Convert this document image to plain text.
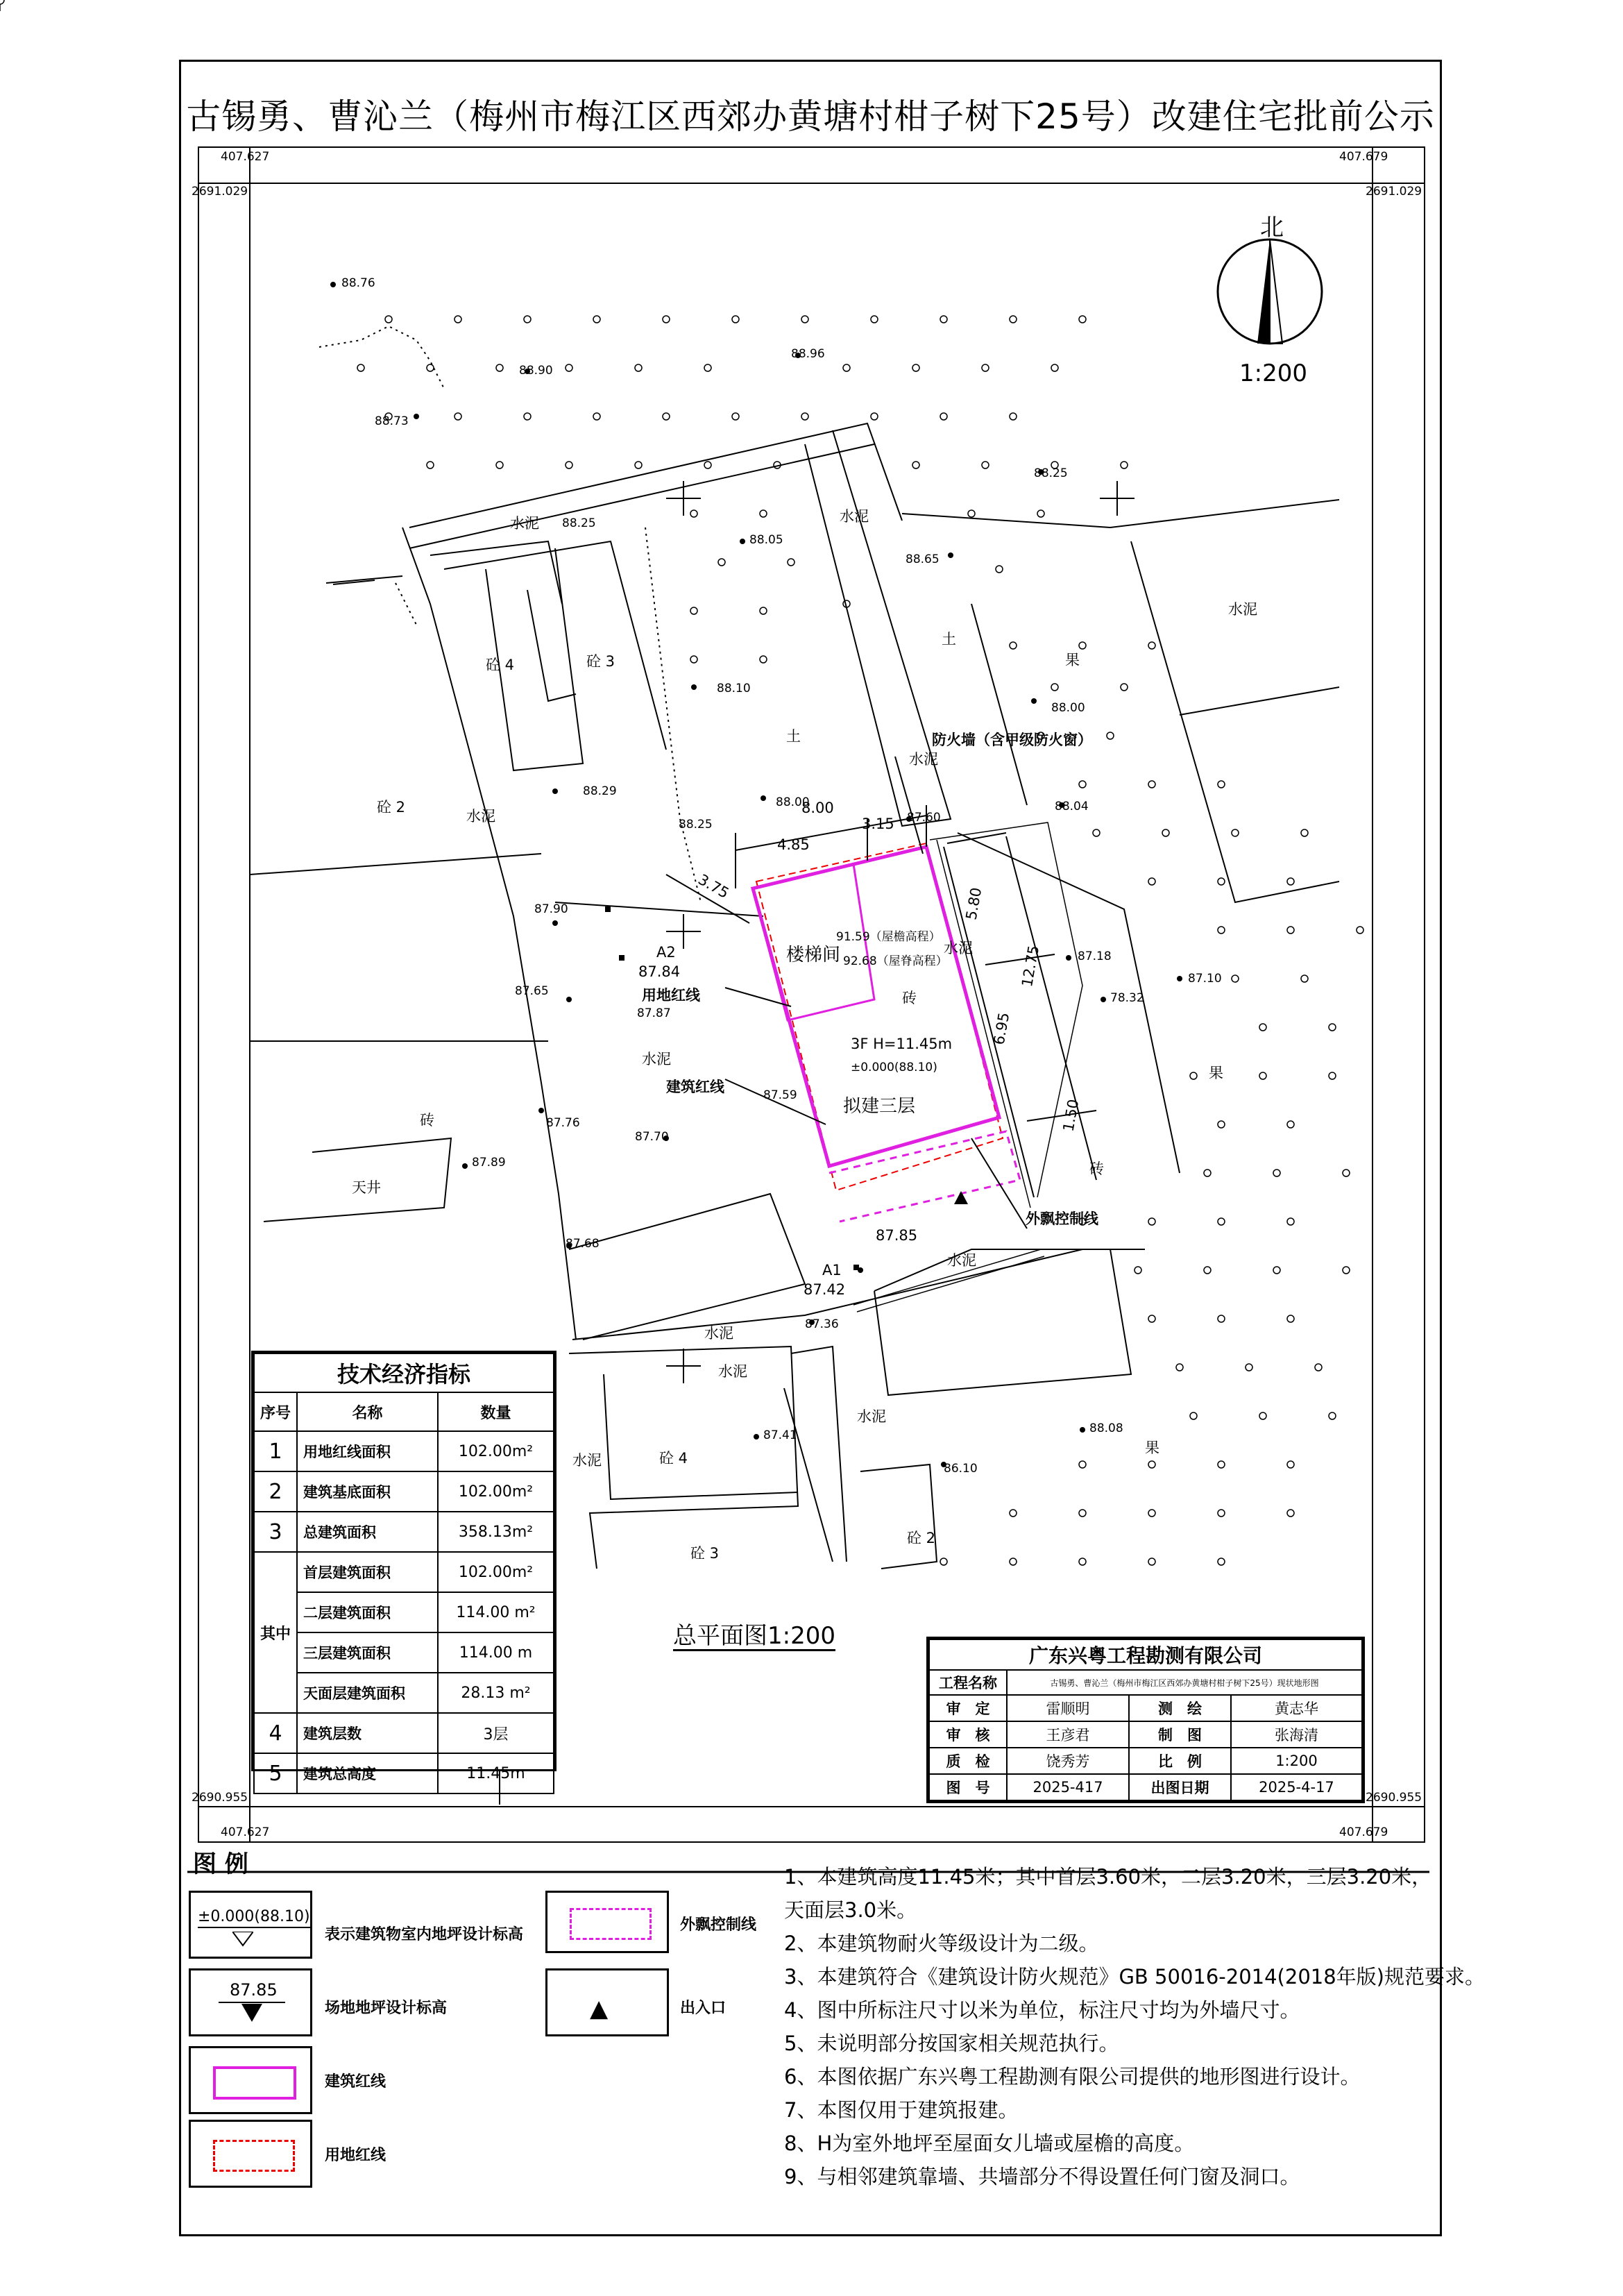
古锡勇、曹沁兰（梅州市梅江区西郊办黄塘村柑子树下25号）改建住宅批前公示
407.627	407.679
2691.029	2691.029
2690.955	2690.955
407.627	407.679
北
1:200
水泥	水泥
水泥
水泥
水泥
水泥
水泥
水泥
水泥
水泥
水泥
水泥
土
土
果
果
果
砖
砖
砖
天井
砼 2
砼 3
砼 3
砼 4
砼 4
砼 2
防火墙（含甲级防火窗）
楼梯间
91.59（屋檐高程）
92.68（屋脊高程）
3F H=11.45m
±0.000(88.10)
拟建三层
用地红线
建筑红线
外飘控制线
A2
87.84
A1
87.42
87.85
8.00
4.85
3.15
3.75	5.80
12.75
6.95
1.50
88.76
88.90
88.96
88.73
88.25
88.25
88.05
88.65
88.10
88.00
88.29
88.00	88.04
87.60
88.25
87.90
87.65
87.87
87.59
87.76
87.70
87.89
87.68
87.36
87.41
87.18
87.10
78.32
88.08
86.10
总平面图1:200
技术经济指标		
序号	名称	数量
1	用地红线面积	102.00m²
2	建筑基底面积	102.00m²
3	总建筑面积	358.13m²
其中	首层建筑面积	102.00m²
	二层建筑面积	114.00 m²
	三层建筑面积	114.00 m
	天面层建筑面积	28.13 m²
4	建筑层数	3层
5	建筑总高度	11.45m
广东兴粤工程勘测有限公司			
工程名称	古锡勇、曹沁兰（梅州市梅江区西郊办黄塘村柑子树下25号）现状地形图		
审　定	雷顺明	测　绘	黄志华
审　核	王彦君	制　图	张海清
质　检	饶秀芳	比　例	1:200
图　号	2025-417	出图日期	2025-4-17
图 例
±0.000(88.10)
表示建筑物室内地坪设计标高
87.85
场地地坪设计标高
建筑红线
用地红线
外飘控制线
出入口
▲
1、本建筑高度11.45米；其中首层3.60米，二层3.20米，三层3.20米，
天面层3.0米。
2、本建筑物耐火等级设计为二级。
3、本建筑符合《建筑设计防火规范》GB 50016-2014(2018年版)规范要求。
4、图中所标注尺寸以米为单位，标注尺寸均为外墙尺寸。
5、未说明部分按国家相关规范执行。
6、本图依据广东兴粤工程勘测有限公司提供的地形图进行设计。
7、本图仅用于建筑报建。
8、H为室外地坪至屋面女儿墙或屋檐的高度。
9、与相邻建筑靠墙、共墙部分不得设置任何门窗及洞口。
